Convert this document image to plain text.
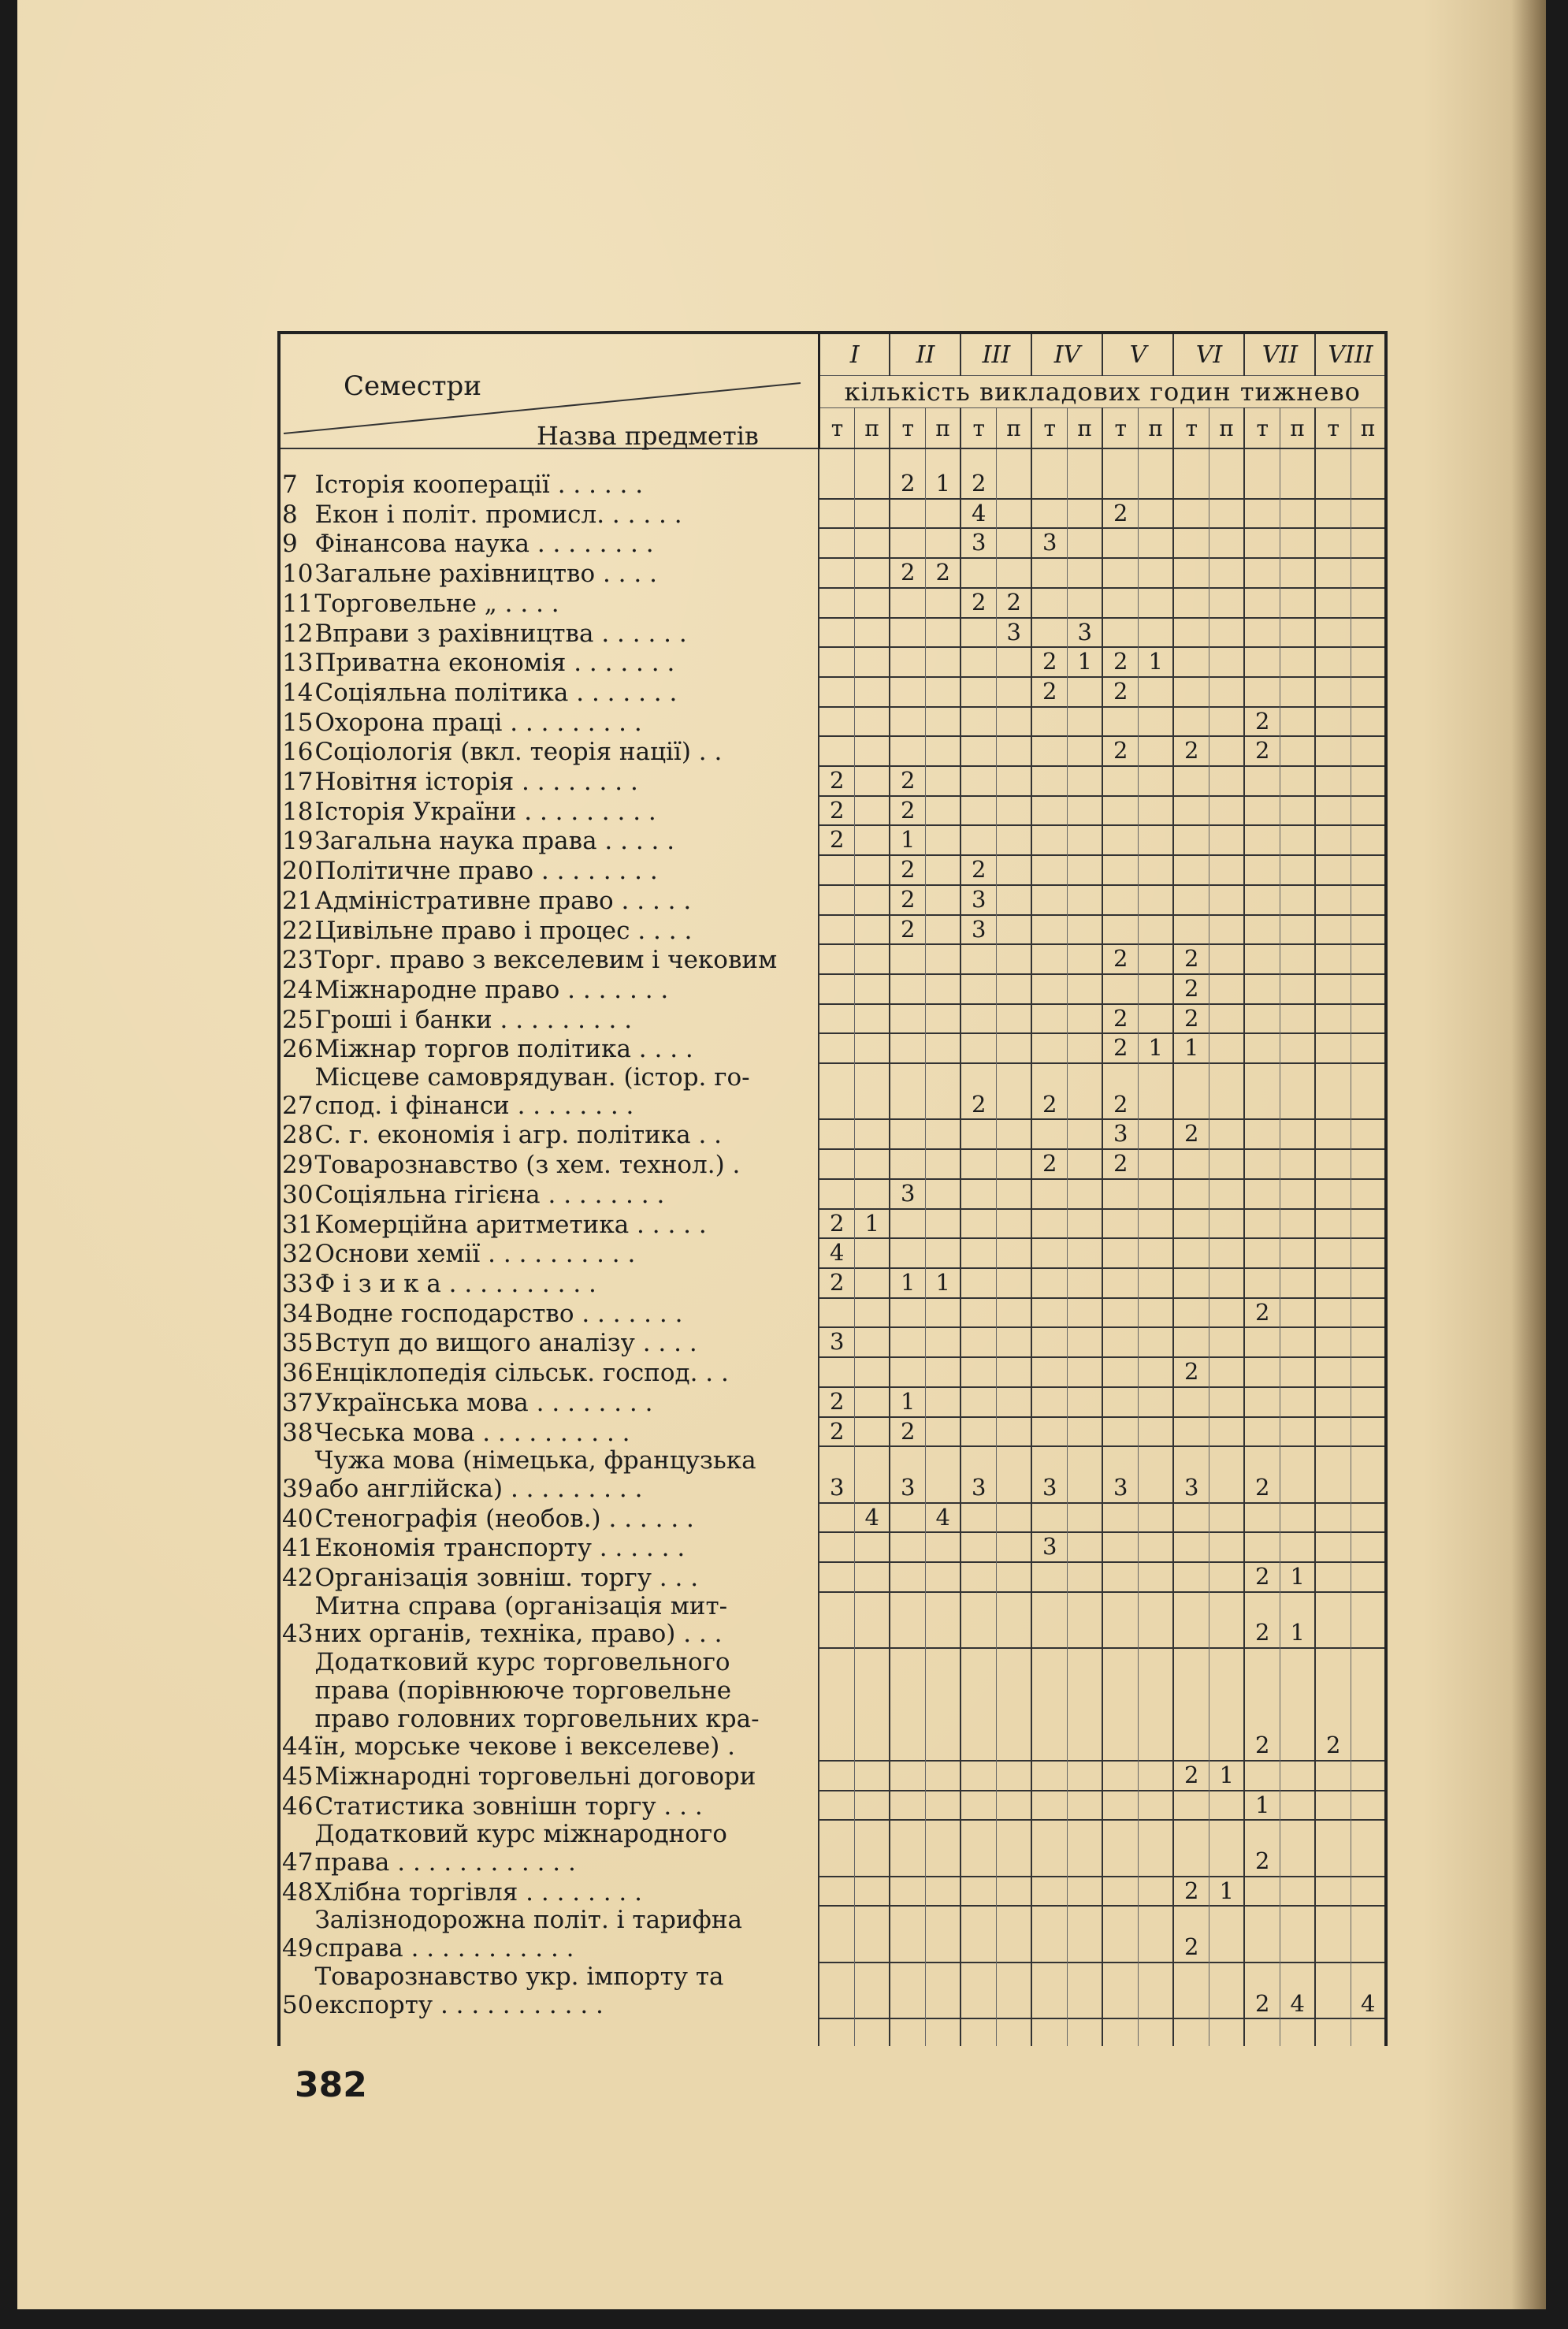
Семестри
Назва предметів		I		II		III		IV		V		VI		VII		VIII	
		кількість викладових годин тижнево															
		т	п	т	п	т	п	т	п	т	п	т	п	т	п	т	п

7	Історія кооперації . . . . . .			2	1	2											

8	Екон і політ. промисл. . . . . .					4				2							

9	Фінансова наука . . . . . . . .					3		3									

10	Загальне рахівництво . . . .			2	2												

11	Торговельне „ . . . .					2	2										

12	Вправи з рахівництва . . . . . .						3		3								

13	Приватна економія . . . . . . .							2	1	2	1						

14	Соціяльна політика . . . . . . .							2		2							

15	Охорона праці . . . . . . . . .													2			

16	Соціологія (вкл. теорія нації) . .									2		2		2			

17	Новітня історія . . . . . . . .	2		2													

18	Історія України . . . . . . . . .	2		2													

19	Загальна наука права . . . . .	2		1													

20	Політичне право . . . . . . . .			2		2											

21	Адміністративне право . . . . .			2		3											

22	Цивільне право і процес . . . .			2		3											

23	Торг. право з векселевим і чековим									2		2					

24	Міжнародне право . . . . . . .											2					

25	Гроші і банки . . . . . . . . .									2		2					

26	Міжнар торгов політика . . . .									2	1	1					

27	Місцеве самоврядуван. (істор. го-
спод. і фінанси . . . . . . . .					2		2		2							

28	С. г. економія і агр. політика . .									3		2					

29	Товарознавство (з хем. технол.) .							2		2							

30	Соціяльна гігієна . . . . . . . .			3													

31	Комерційна аритметика . . . . .	2	1														

32	Основи хемії . . . . . . . . . .	4															

33	Ф і з и к а . . . . . . . . . .	2		1	1												

34	Водне господарство . . . . . . .													2			

35	Вступ до вищого аналізу . . . .	3															

36	Енціклопедія сільськ. господ. . .											2					

37	Українська мова . . . . . . . .	2		1													

38	Чеська мова . . . . . . . . . .	2		2													

39	Чужа мова (німецька, французька
або англійска) . . . . . . . . .	3		3		3		3		3		3		2			

40	Стенографія (необов.) . . . . . .		4		4												

41	Економія транспорту . . . . . .							3									

42	Організація зовніш. торгу . . .													2	1		

43	Митна справа (організація мит-
них органів, техніка, право) . . .													2	1		

44	Додатковий курс торговельного
права (порівнююче торговельне
право головних торговельних кра-
їн, морське чекове і векселеве) .													2		2	

45	Міжнародні торговельні договори											2	1				

46	Статистика зовнішн торгу . . .													1			

47	Додатковий курс міжнародного
права . . . . . . . . . . . .													2			

48	Хлібна торгівля . . . . . . . .											2	1				

49	Залізнодорожна політ. і тарифна
справа . . . . . . . . . . .											2					

50	Товарознавство укр. імпорту та
експорту . . . . . . . . . . .													2	4		4

382
